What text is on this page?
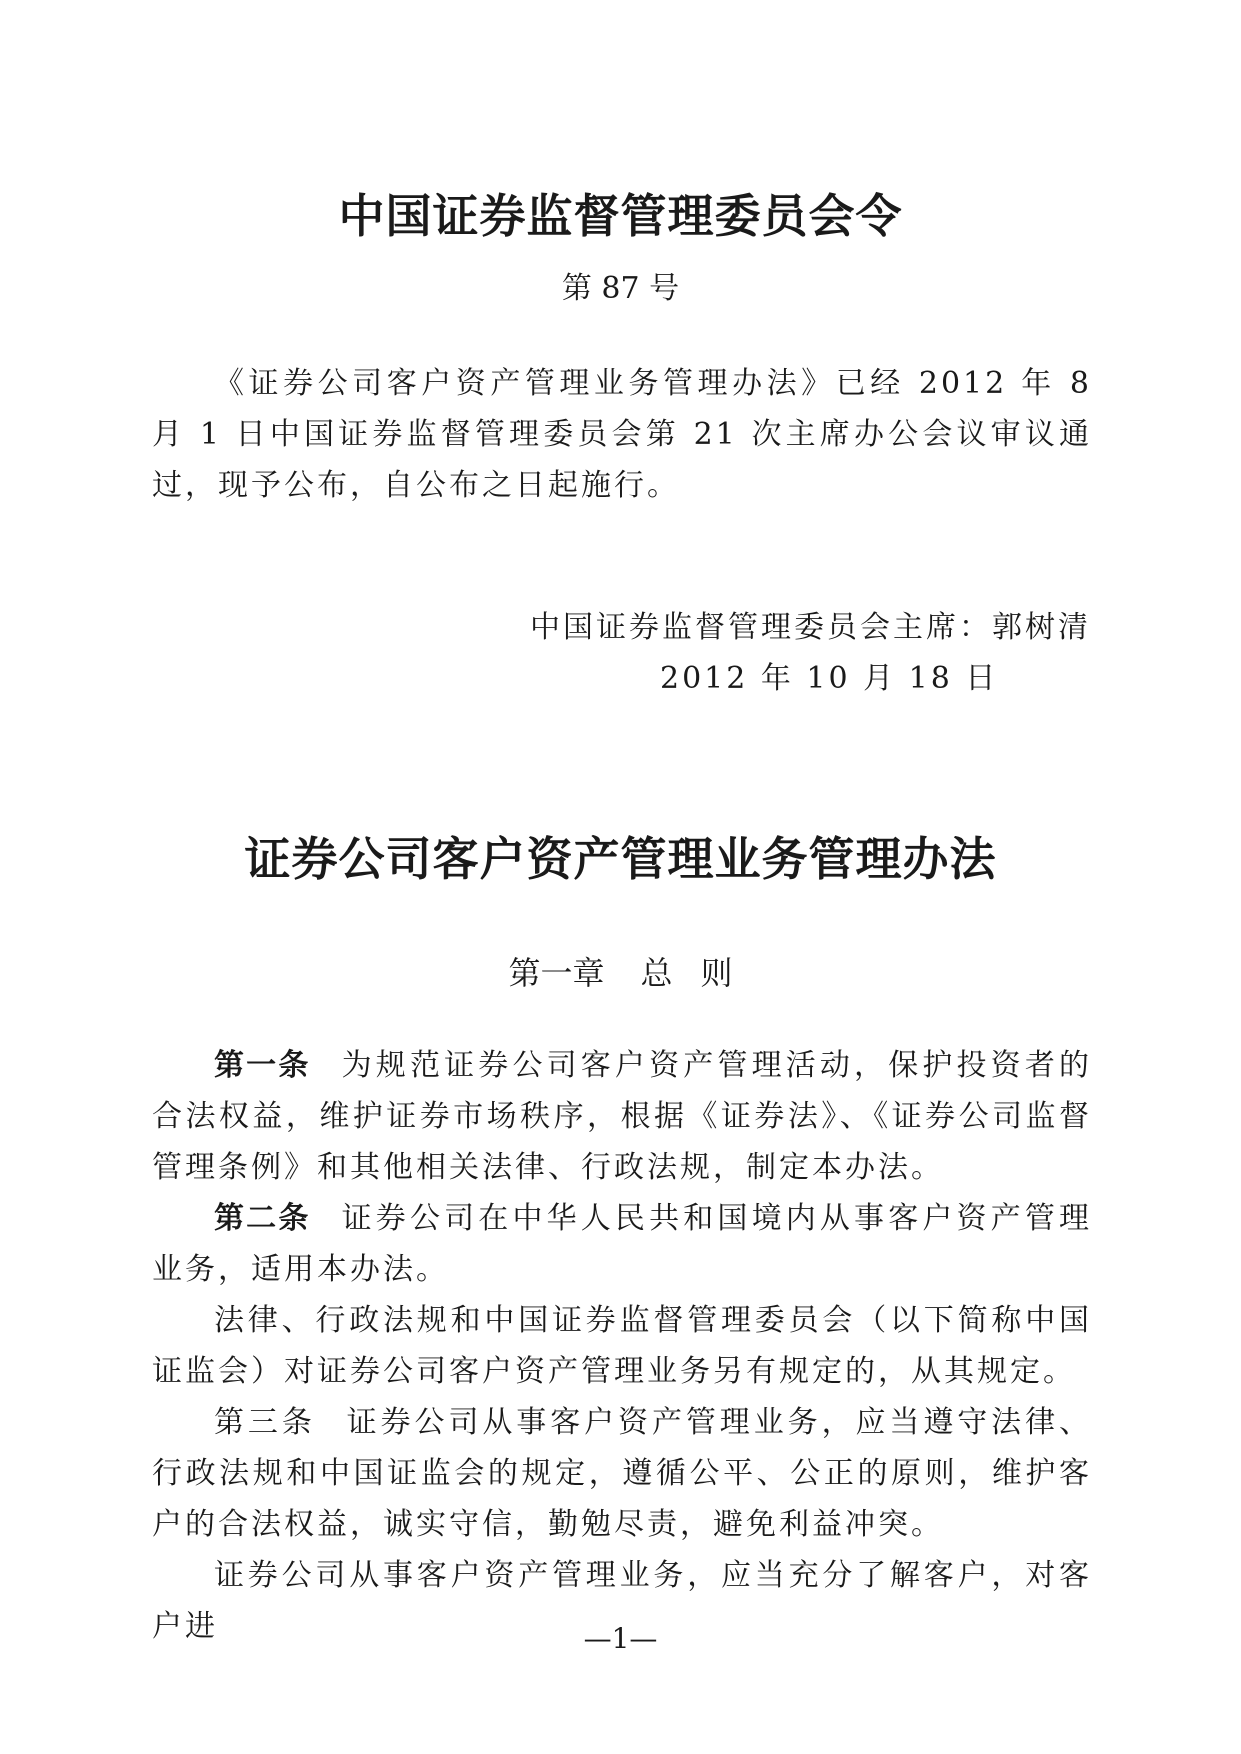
中国证券监督管理委员会令
第 87 号

《证券公司客户资产管理业务管理办法》已经 2012 年 8 月 1 日中国证券监督管理委员会第 21 次主席办公会议审议通过，现予公布，自公布之日起施行。

中国证券监督管理委员会主席：郭树清
2012 年 10 月 18 日
证券公司客户资产管理业务管理办法
第一章 总 则

第一条 为规范证券公司客户资产管理活动，保护投资者的合法权益，维护证券市场秩序，根据《证券法》、《证券公司监督管理条例》和其他相关法律、行政法规，制定本办法。

第二条 证券公司在中华人民共和国境内从事客户资产管理业务，适用本办法。

法律、行政法规和中国证券监督管理委员会（以下简称中国证监会）对证券公司客户资产管理业务另有规定的，从其规定。

第三条 证券公司从事客户资产管理业务，应当遵守法律、行政法规和中国证监会的规定，遵循公平、公正的原则，维护客户的合法权益，诚实守信，勤勉尽责，避免利益冲突。

证券公司从事客户资产管理业务，应当充分了解客户，对客户进	—1—
